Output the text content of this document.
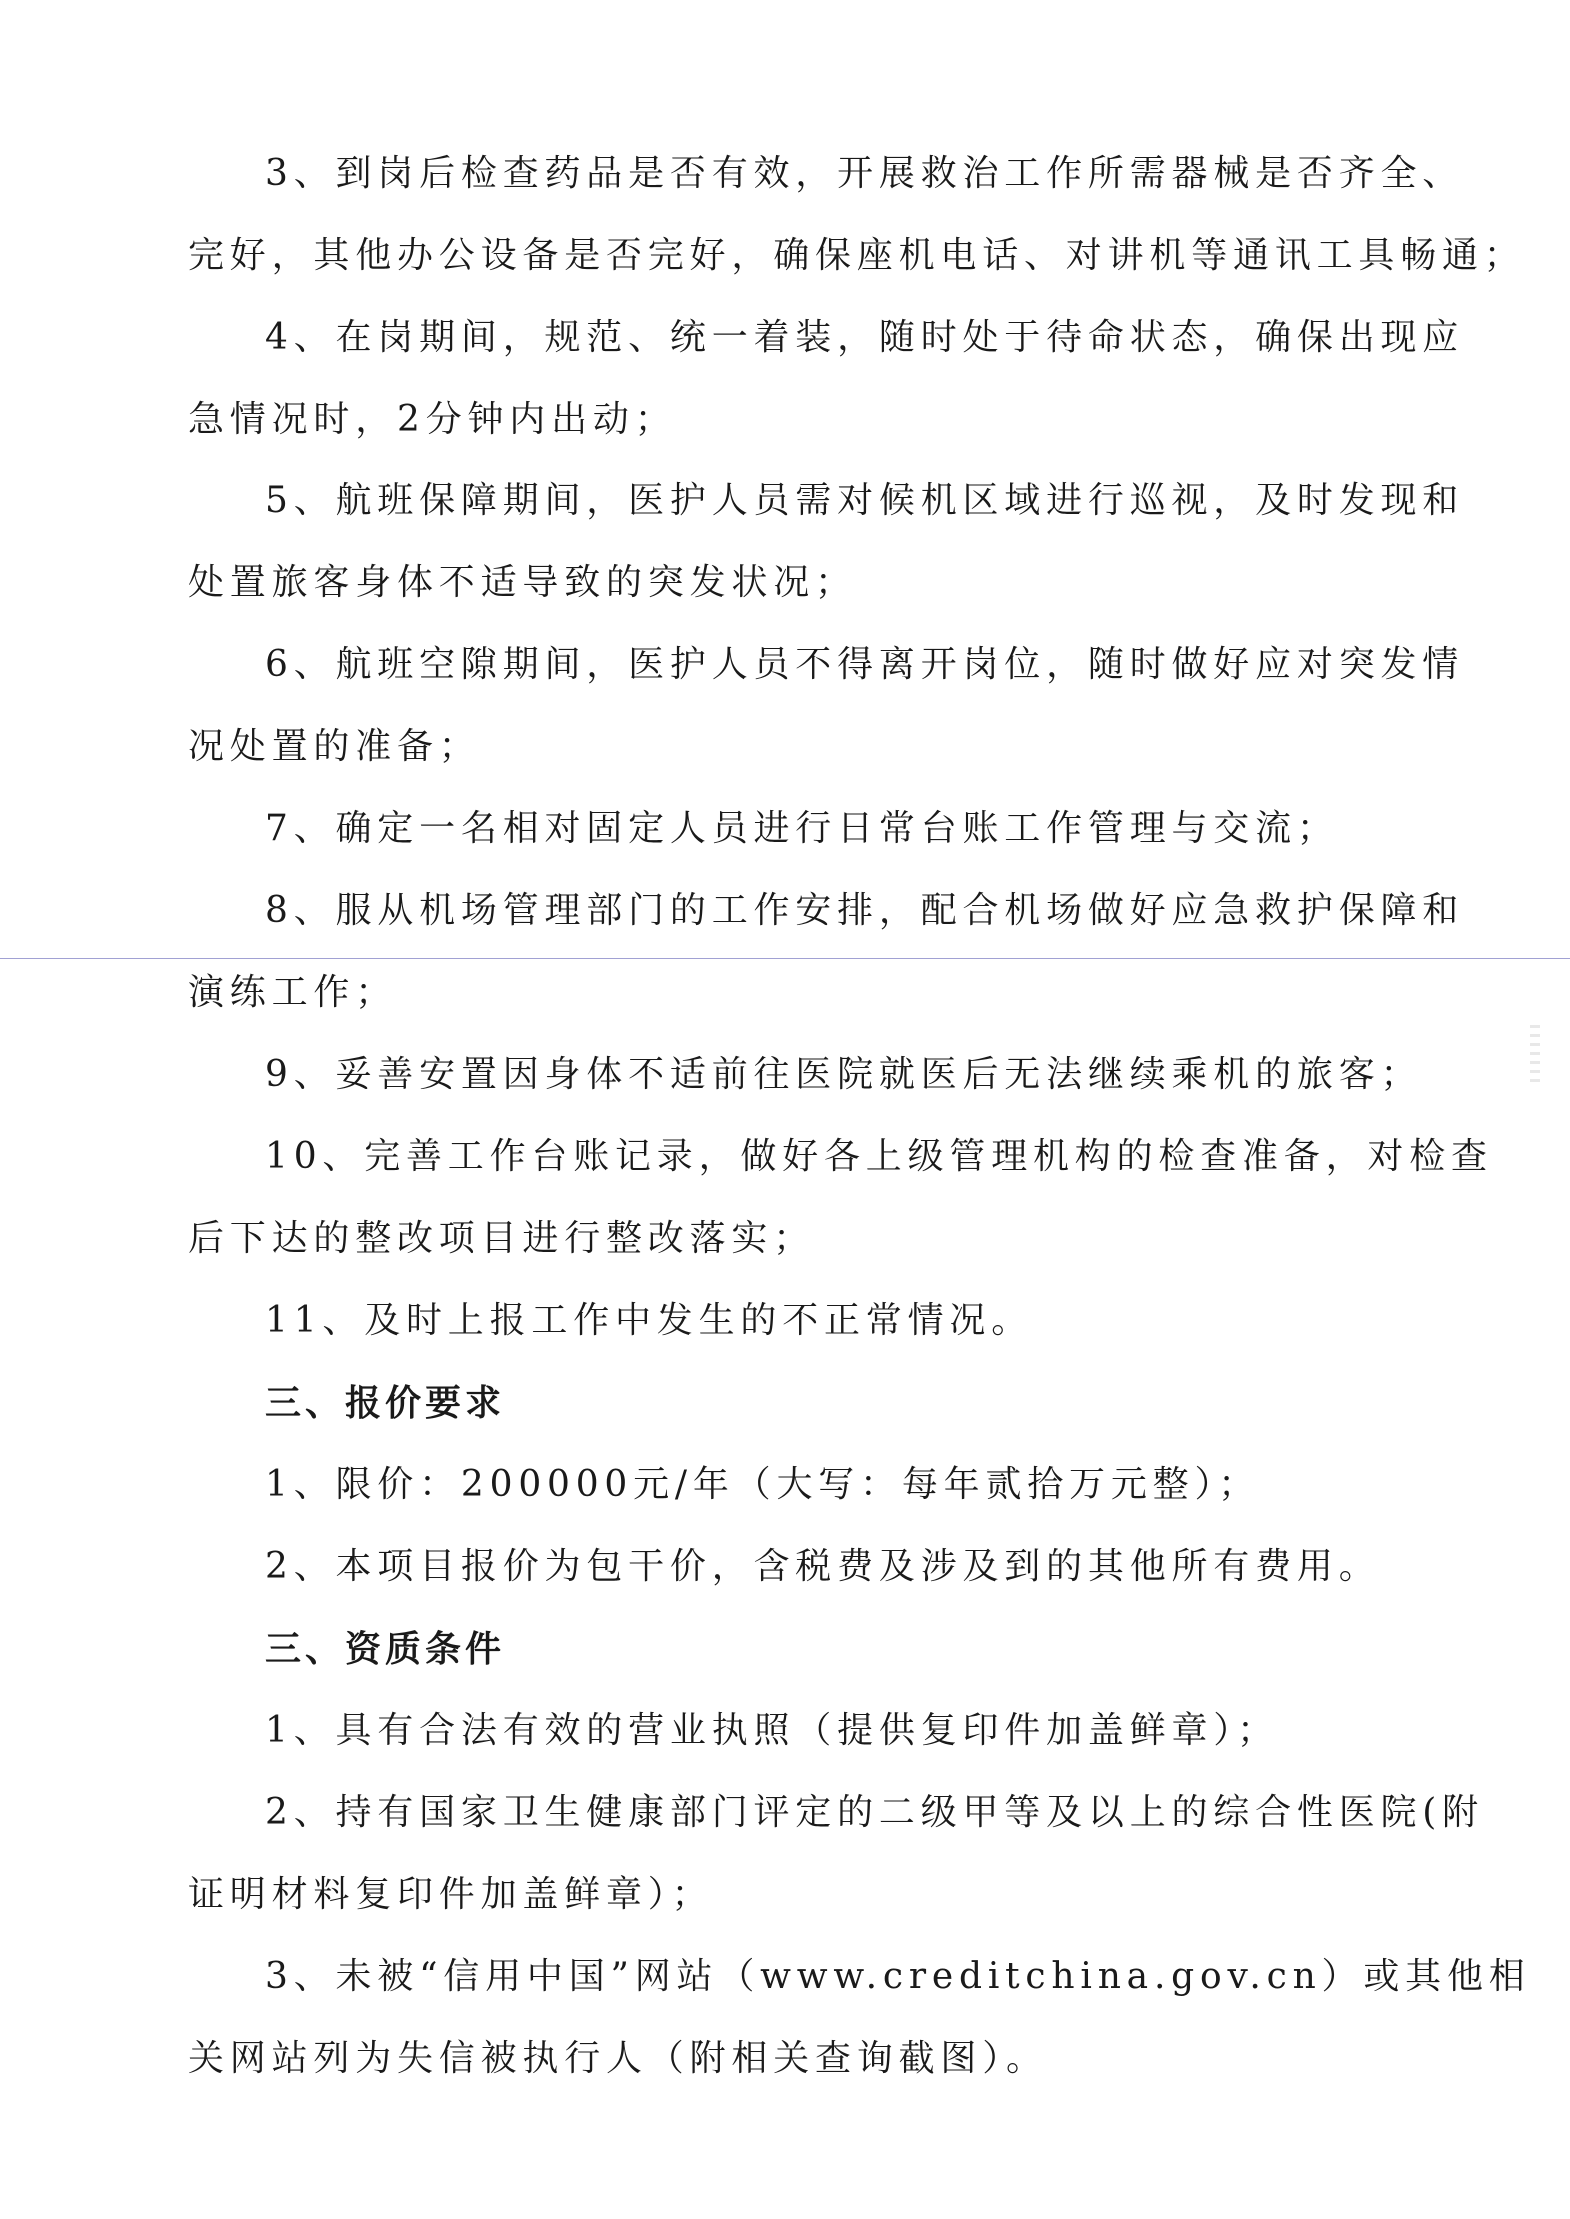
3、到岗后检查药品是否有效，开展救治工作所需器械是否齐全、
完好，其他办公设备是否完好，确保座机电话、对讲机等通讯工具畅通；
4、在岗期间，规范、统一着装，随时处于待命状态，确保出现应
急情况时，2分钟内出动；
5、航班保障期间，医护人员需对候机区域进行巡视，及时发现和
处置旅客身体不适导致的突发状况；
6、航班空隙期间，医护人员不得离开岗位，随时做好应对突发情
况处置的准备；
7、确定一名相对固定人员进行日常台账工作管理与交流；
8、服从机场管理部门的工作安排，配合机场做好应急救护保障和
演练工作；
9、妥善安置因身体不适前往医院就医后无法继续乘机的旅客；
10、完善工作台账记录，做好各上级管理机构的检查准备，对检查
后下达的整改项目进行整改落实；
11、及时上报工作中发生的不正常情况。
三、报价要求
1、限价：200000元/年（大写：每年贰拾万元整）；
2、本项目报价为包干价，含税费及涉及到的其他所有费用。
三、资质条件
1、具有合法有效的营业执照（提供复印件加盖鲜章）；
2、持有国家卫生健康部门评定的二级甲等及以上的综合性医院(附
证明材料复印件加盖鲜章）；
3、未被“信用中国”网站（www.creditchina.gov.cn）或其他相
关网站列为失信被执行人（附相关查询截图）。
